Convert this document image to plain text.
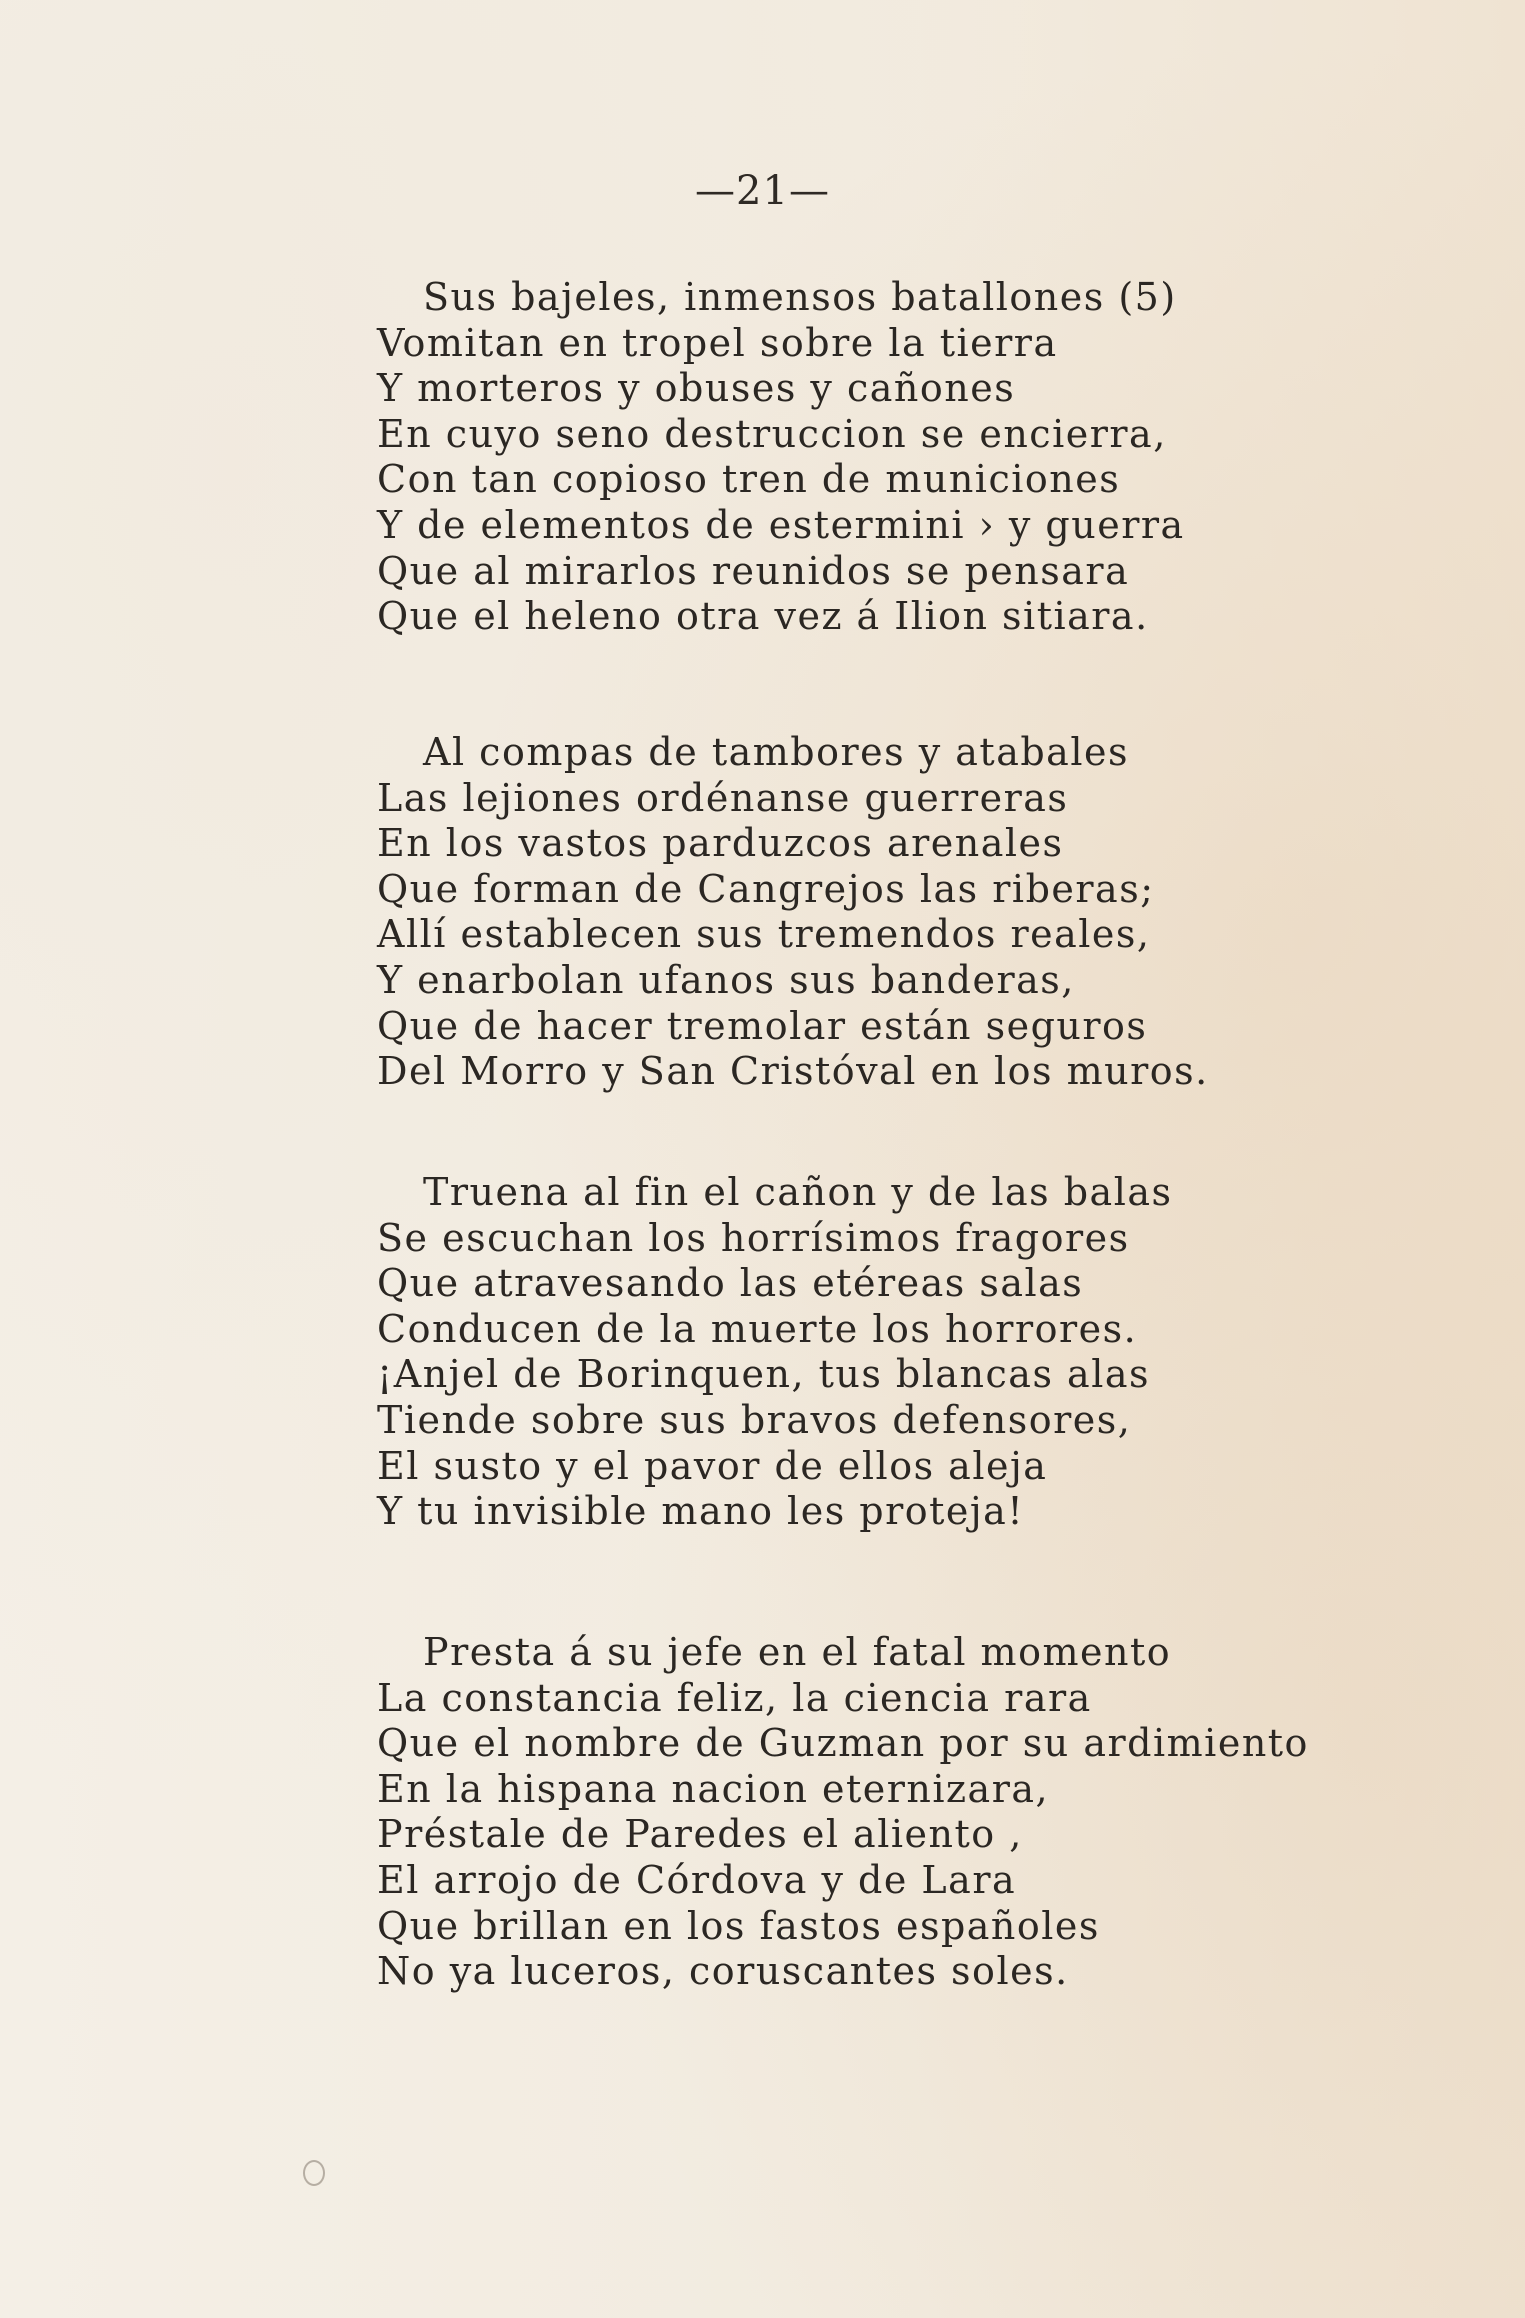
—21—
Sus bajeles, inmensos batallones (5)
Vomitan en tropel sobre la tierra
Y morteros y obuses y cañones
En cuyo seno destruccion se encierra,
Con tan copioso tren de municiones
Y de elementos de estermini › y guerra
Que al mirarlos reunidos se pensara
Que el heleno otra vez á Ilion sitiara.
Al compas de tambores y atabales
Las lejiones ordénanse guerreras
En los vastos parduzcos arenales
Que forman de Cangrejos las riberas;
Allí establecen sus tremendos reales,
Y enarbolan ufanos sus banderas,
Que de hacer tremolar están seguros
Del Morro y San Cristóval en los muros.
Truena al fin el cañon y de las balas
Se escuchan los horrísimos fragores
Que atravesando las etéreas salas
Conducen de la muerte los horrores.
¡Anjel de Borinquen, tus blancas alas
Tiende sobre sus bravos defensores,
El susto y el pavor de ellos aleja
Y tu invisible mano les proteja!
Presta á su jefe en el fatal momento
La constancia feliz, la ciencia rara
Que el nombre de Guzman por su ardimiento
En la hispana nacion eternizara,
Préstale de Paredes el aliento ,
El arrojo de Córdova y de Lara
Que brillan en los fastos españoles
No ya luceros, coruscantes soles.
